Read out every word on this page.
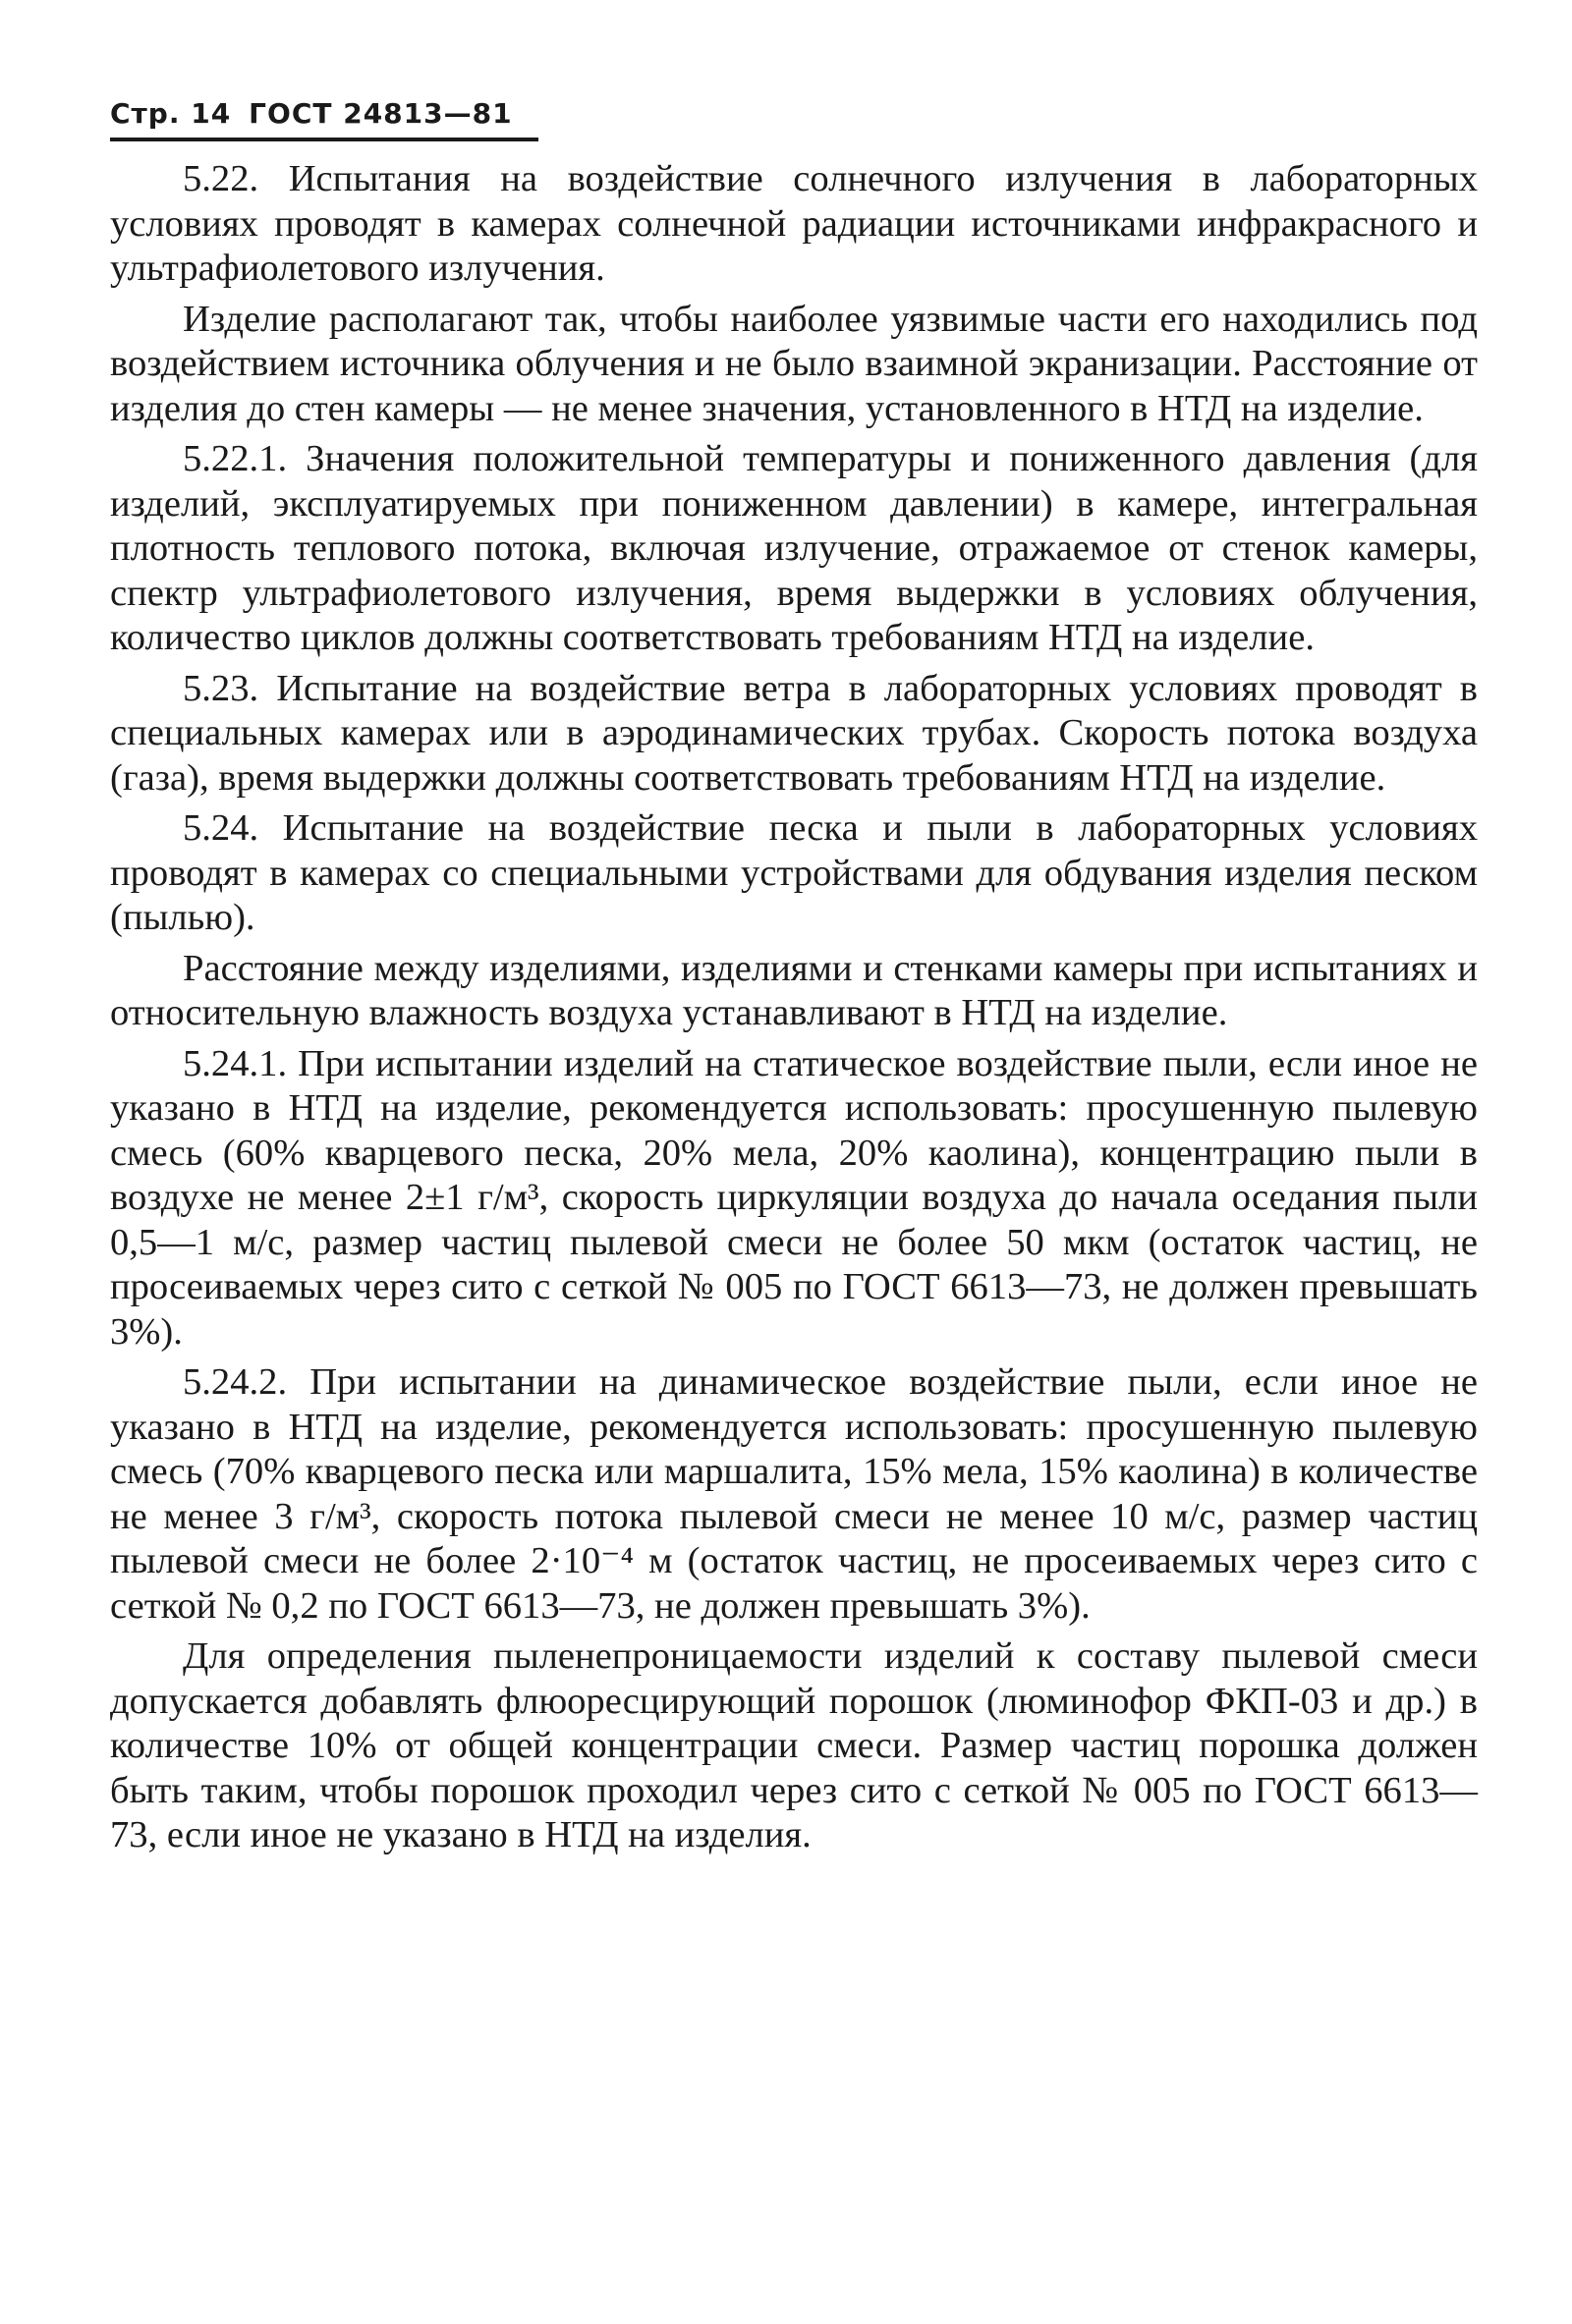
Стр. 14 ГОСТ 24813—81

5.22. Испытания на воздействие солнечного излучения в лабораторных условиях проводят в камерах солнечной радиации источниками инфракрасного и ультрафиолетового излучения.

Изделие располагают так, чтобы наиболее уязвимые части его находились под воздействием источника облучения и не было взаимной экранизации. Расстояние от изделия до стен камеры — не менее значения, установленного в НТД на изделие.

5.22.1. Значения положительной температуры и пониженного давления (для изделий, эксплуатируемых при пониженном давлении) в камере, интегральная плотность теплового потока, включая излучение, отражаемое от стенок камеры, спектр ультрафиолетового излучения, время выдержки в условиях облучения, количество циклов должны соответствовать требованиям НТД на изделие.

5.23. Испытание на воздействие ветра в лабораторных условиях проводят в специальных камерах или в аэродинамических трубах. Скорость потока воздуха (газа), время выдержки должны соответствовать требованиям НТД на изделие.

5.24. Испытание на воздействие песка и пыли в лабораторных условиях проводят в камерах со специальными устройствами для обдувания изделия песком (пылью).

Расстояние между изделиями, изделиями и стенками камеры при испытаниях и относительную влажность воздуха устанавливают в НТД на изделие.

5.24.1. При испытании изделий на статическое воздействие пыли, если иное не указано в НТД на изделие, рекомендуется использовать: просушенную пылевую смесь (60% кварцевого песка, 20% мела, 20% каолина), концентрацию пыли в воздухе не менее 2±1 г/м³, скорость циркуляции воздуха до начала оседания пыли 0,5—1 м/с, размер частиц пылевой смеси не более 50 мкм (остаток частиц, не просеиваемых через сито с сеткой № 005 по ГОСТ 6613—73, не должен превышать 3%).

5.24.2. При испытании на динамическое воздействие пыли, если иное не указано в НТД на изделие, рекомендуется использовать: просушенную пылевую смесь (70% кварцевого песка или маршалита, 15% мела, 15% каолина) в количестве не менее 3 г/м³, скорость потока пылевой смеси не менее 10 м/с, размер частиц пылевой смеси не более 2·10⁻⁴ м (остаток частиц, не просеиваемых через сито с сеткой № 0,2 по ГОСТ 6613—73, не должен превышать 3%).

Для определения пыленепроницаемости изделий к составу пылевой смеси допускается добавлять флюоресцирующий порошок (люминофор ФКП-03 и др.) в количестве 10% от общей концентрации смеси. Размер частиц порошка должен быть таким, чтобы порошок проходил через сито с сеткой № 005 по ГОСТ 6613—73, если иное не указано в НТД на изделия.
